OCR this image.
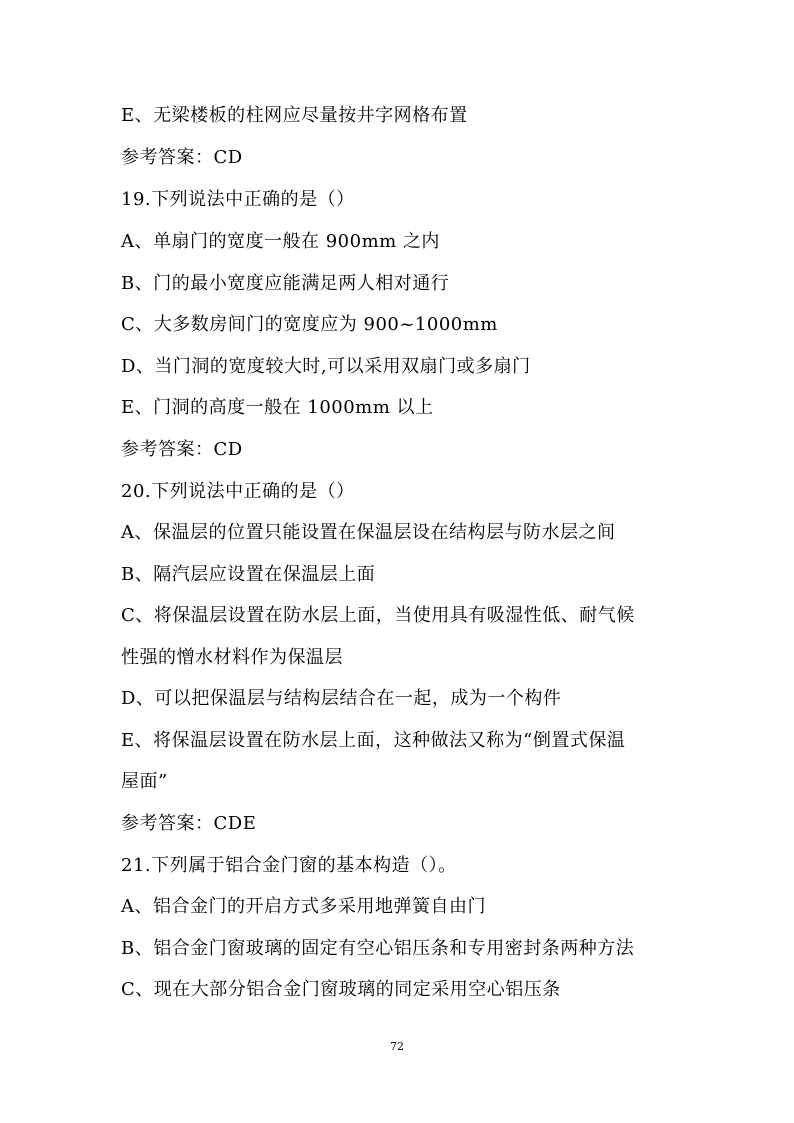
E、无梁楼板的柱网应尽量按井字网格布置
参考答案：CD
19.下列说法中正确的是（）
A、单扇门的宽度一般在 900mm 之内
B、门的最小宽度应能满足两人相对通行
C、大多数房间门的宽度应为 900~1000mm
D、当门洞的宽度较大时,可以采用双扇门或多扇门
E、门洞的高度一般在 1000mm 以上
参考答案：CD
20.下列说法中正确的是（）
A、保温层的位置只能设置在保温层设在结构层与防水层之间
B、隔汽层应设置在保温层上面
C、将保温层设置在防水层上面，当使用具有吸湿性低、耐气候
性强的憎水材料作为保温层
D、可以把保温层与结构层结合在一起，成为一个构件
E、将保温层设置在防水层上面，这种做法又称为“倒置式保温
屋面”
参考答案：CDE
21.下列属于铝合金门窗的基本构造（）。
A、铝合金门的开启方式多采用地弹簧自由门
B、铝合金门窗玻璃的固定有空心铝压条和专用密封条两种方法
C、现在大部分铝合金门窗玻璃的同定采用空心铝压条
72
